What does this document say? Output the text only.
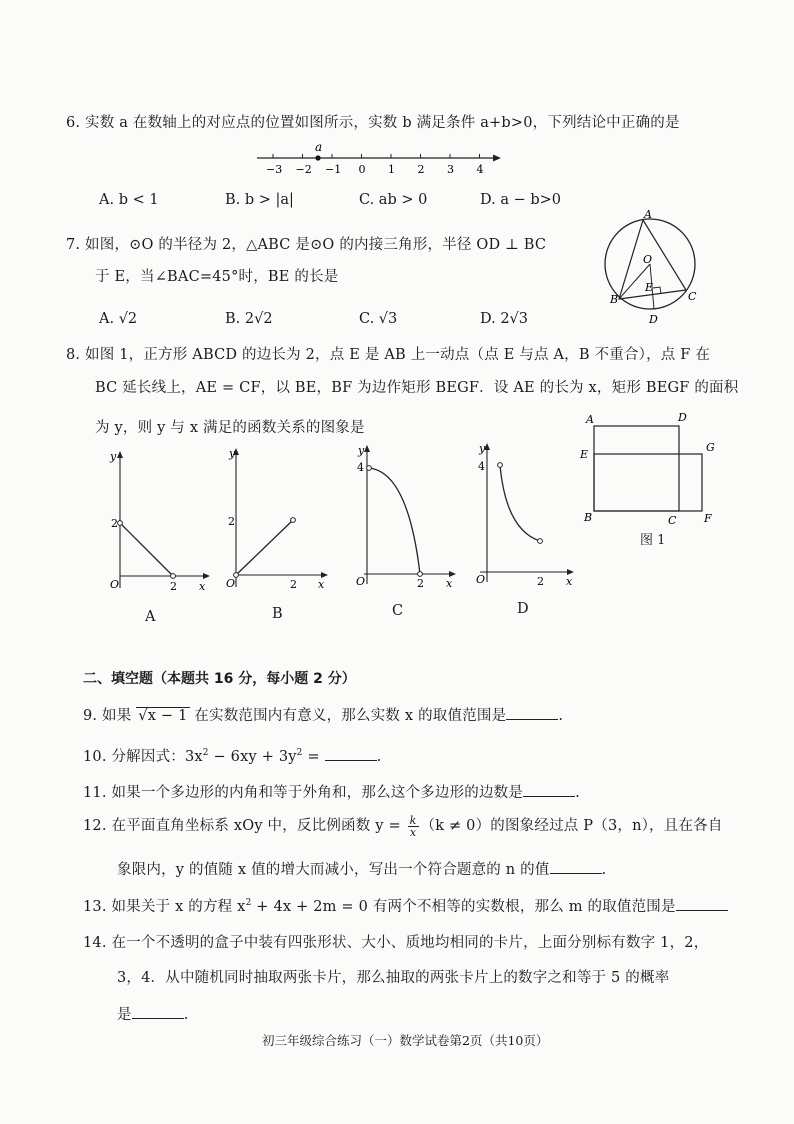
6. 实数 a 在数轴上的对应点的位置如图所示，实数 b 满足条件 a+b>0，下列结论中正确的是
−3 −2 −1 0 1 2 3 4
a
A. b < 1	B. b > |a|	C. ab > 0	D. a − b>0
7. 如图，⊙O 的半径为 2，△ABC 是⊙O 的内接三角形，半径 OD ⊥ BC
于 E，当∠BAC=45°时，BE 的长是
A. √2	B. 2√2	C. √3	D. 2√3
A
O
E
B	C
D
8. 如图 1，正方形 ABCD 的边长为 2，点 E 是 AB 上一动点（点 E 与点 A，B 不重合），点 F 在
BC 延长线上，AE = CF，以 BE，BF 为边作矩形 BEGF．设 AE 的长为 x，矩形 BEGF 的面积
为 y，则 y 与 x 满足的函数关系的图象是
y
2
O	2 x
A
y
2
O	2 x
B
y
4
O	2 x
C
y
4
O	2 x
D
A	D
E
G
B	C	F
图 1
二、填空题（本题共 16 分，每小题 2 分）
9. 如果 √x − 1 在实数范围内有意义，那么实数 x 的取值范围是	.
10. 分解因式：$3x^2 - 6xy + 3y^2$ =	.
11. 如果一个多边形的内角和等于外角和，那么这个多边形的边数是	.
12. 在平面直角坐标系 xOy 中，反比例函数 $y = \frac{k}{x} (k \ne 0)$的图象经过点 P（3，n），且在各自
象限内，y 的值随 x 值的增大而减小，写出一个符合题意的 n 的值	.
13. 如果关于 x 的方程 $x^2 + 4x + 2m = 0$ 有两个不相等的实数根，那么 m 的取值范围是
14. 在一个不透明的盒子中装有四张形状、大小、质地均相同的卡片，上面分别标有数字 1，2，
3，4．从中随机同时抽取两张卡片，那么抽取的两张卡片上的数字之和等于 5 的概率
是	.
初三年级综合练习（一）数学试卷第2页（共10页）
